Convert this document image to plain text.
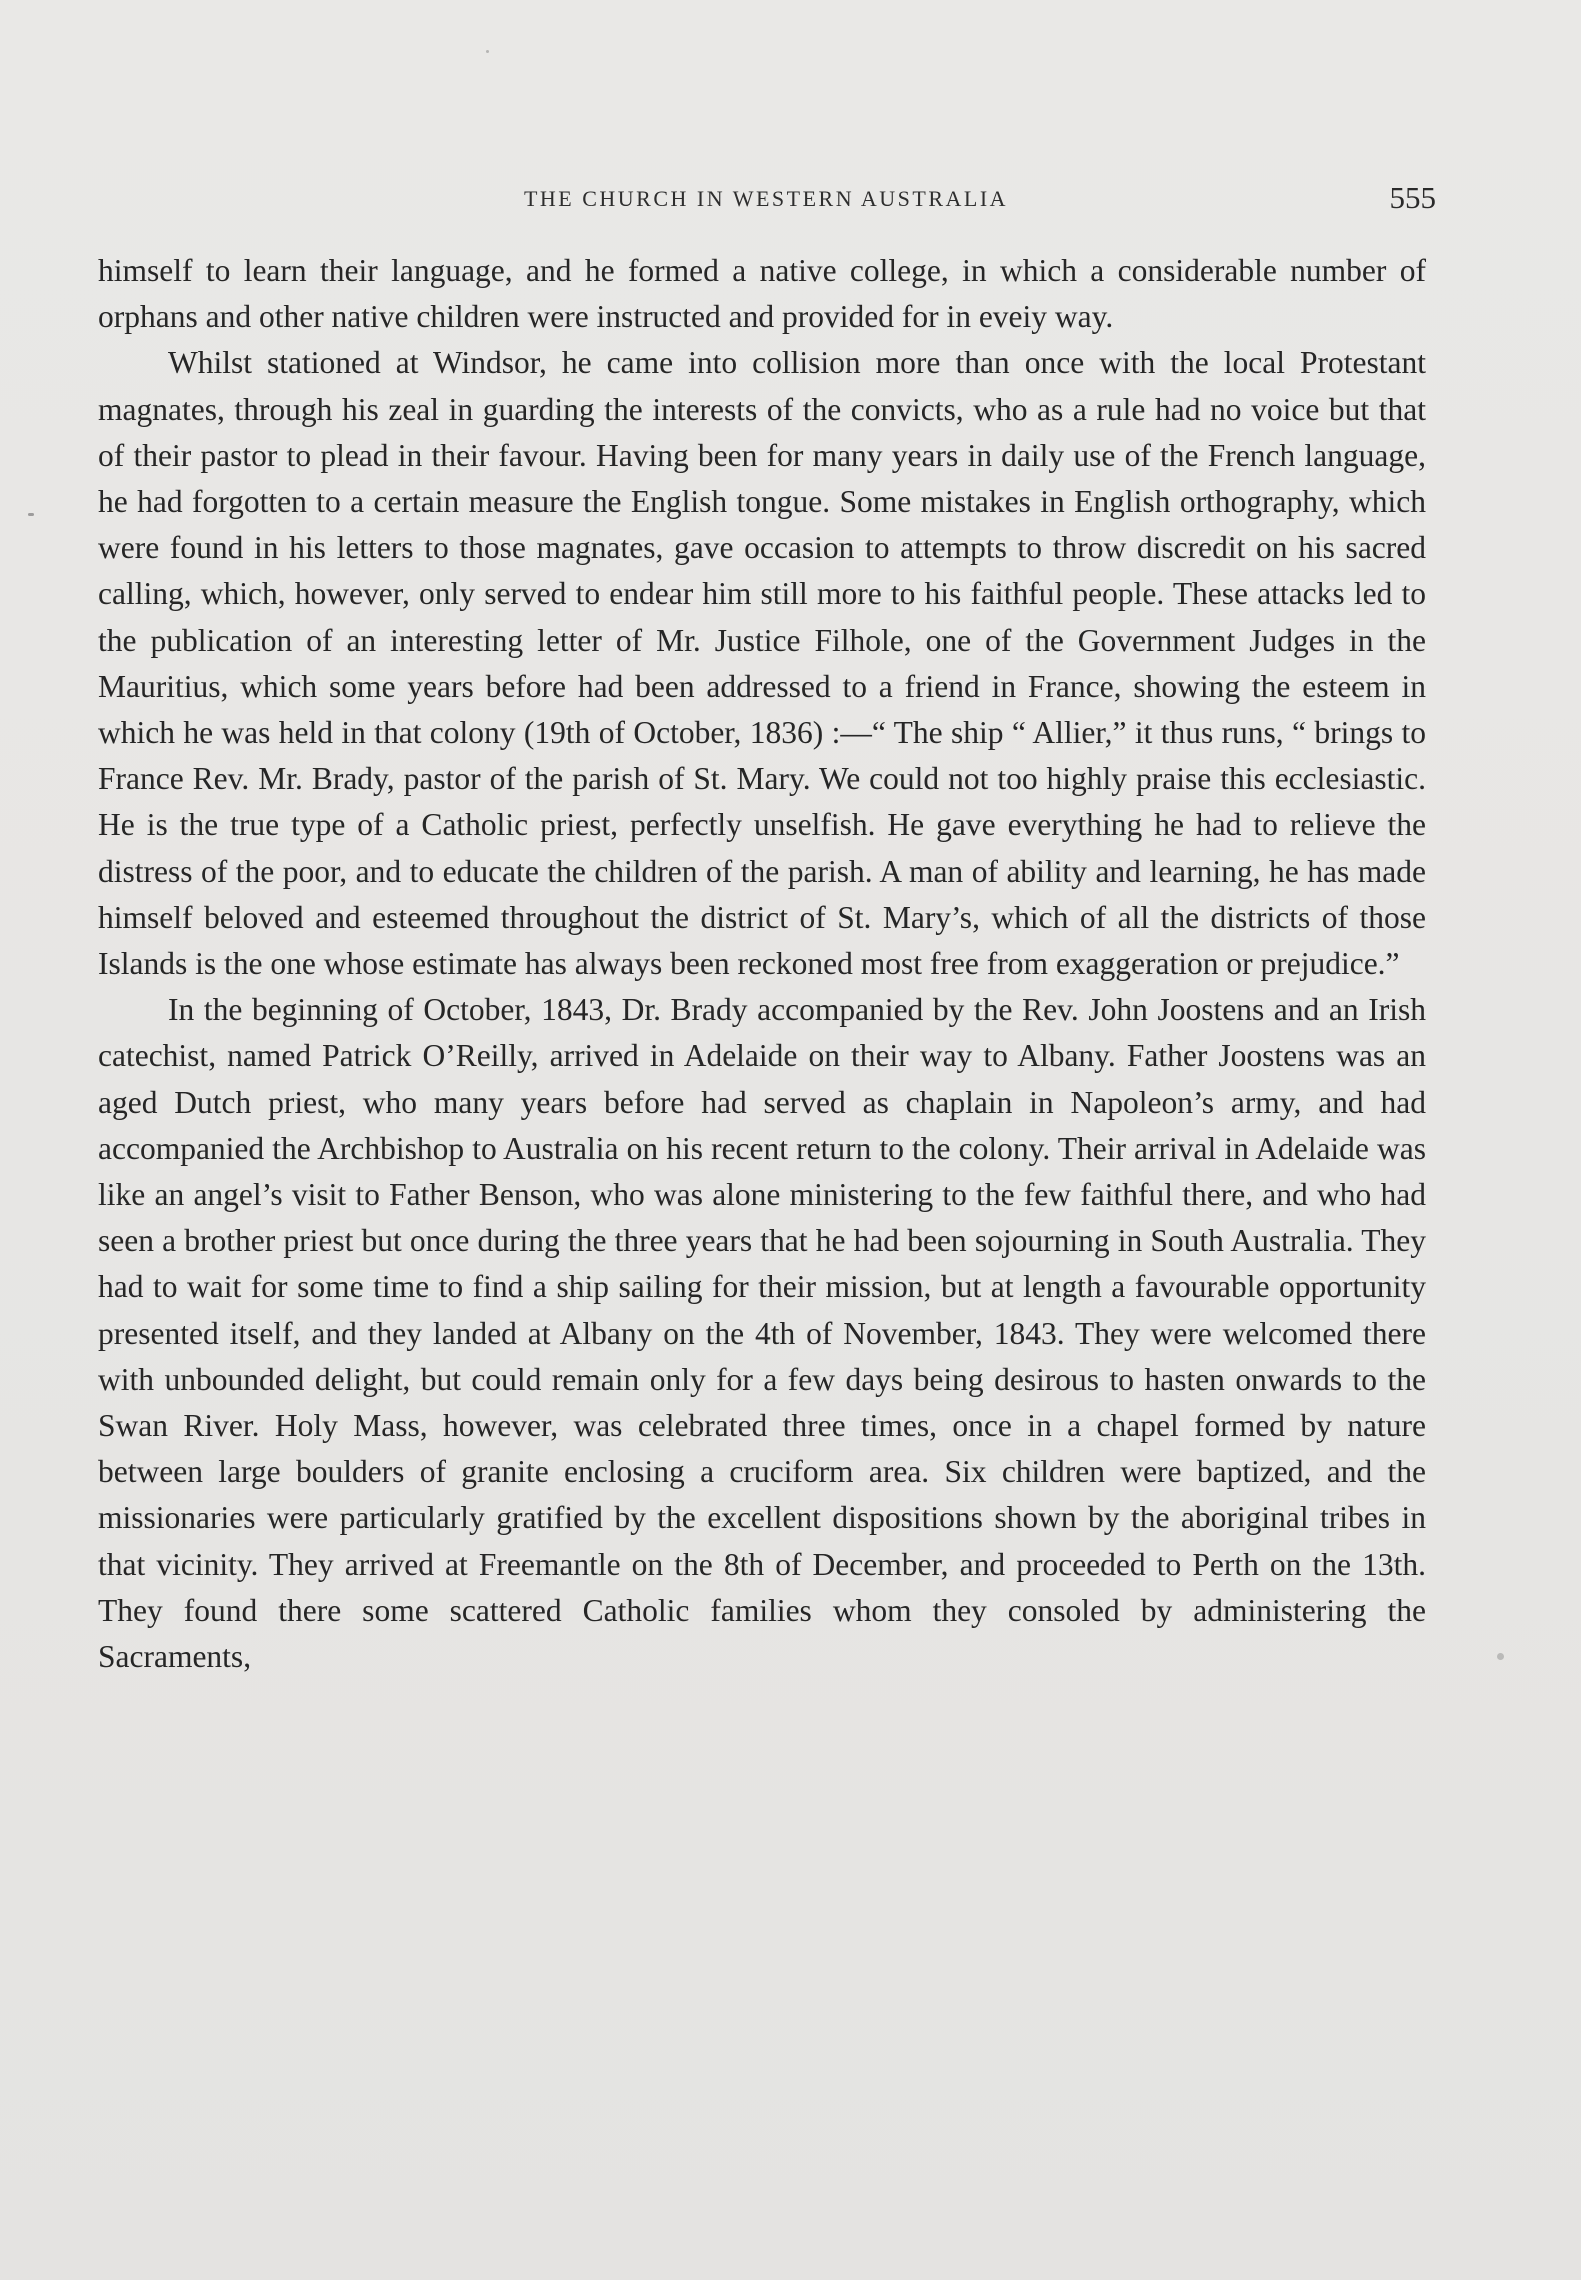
THE CHURCH IN WESTERN AUSTRALIA	555

himself to learn their language, and he formed a native college, in which a considerable number of orphans and other native children were instructed and provided for in eveiy way.

Whilst stationed at Windsor, he came into collision more than once with the local Protestant magnates, through his zeal in guarding the interests of the convicts, who as a rule had no voice but that of their pastor to plead in their favour. Having been for many years in daily use of the French language, he had forgotten to a certain measure the English tongue. Some mistakes in English orthography, which were found in his letters to those magnates, gave occasion to attempts to throw discredit on his sacred calling, which, however, only served to endear him still more to his faithful people. These attacks led to the publication of an interesting letter of Mr. Justice Filhole, one of the Government Judges in the Mauritius, which some years before had been addressed to a friend in France, showing the esteem in which he was held in that colony (19th of October, 1836) :—“ The ship “ Allier,” it thus runs, “ brings to France Rev. Mr. Brady, pastor of the parish of St. Mary. We could not too highly praise this ecclesiastic. He is the true type of a Catholic priest, perfectly unselfish. He gave everything he had to relieve the distress of the poor, and to educate the children of the parish. A man of ability and learning, he has made himself beloved and esteemed throughout the district of St. Mary’s, which of all the districts of those Islands is the one whose estimate has always been reckoned most free from exaggeration or prejudice.”

In the beginning of October, 1843, Dr. Brady accompanied by the Rev. John Joostens and an Irish catechist, named Patrick O’Reilly, arrived in Adelaide on their way to Albany. Father Joostens was an aged Dutch priest, who many years before had served as chaplain in Napoleon’s army, and had accompanied the Archbishop to Australia on his recent return to the colony. Their arrival in Adelaide was like an angel’s visit to Father Benson, who was alone ministering to the few faithful there, and who had seen a brother priest but once during the three years that he had been sojourning in South Australia. They had to wait for some time to find a ship sailing for their mission, but at length a favourable opportunity presented itself, and they landed at Albany on the 4th of November, 1843. They were welcomed there with unbounded delight, but could remain only for a few days being desirous to hasten onwards to the Swan River. Holy Mass, however, was celebrated three times, once in a chapel formed by nature between large boulders of granite enclosing a cruciform area. Six children were baptized, and the missionaries were particularly gratified by the excellent dispositions shown by the aboriginal tribes in that vicinity. They arrived at Freemantle on the 8th of December, and proceeded to Perth on the 13th. They found there some scattered Catholic families whom they consoled by administering the Sacraments,
